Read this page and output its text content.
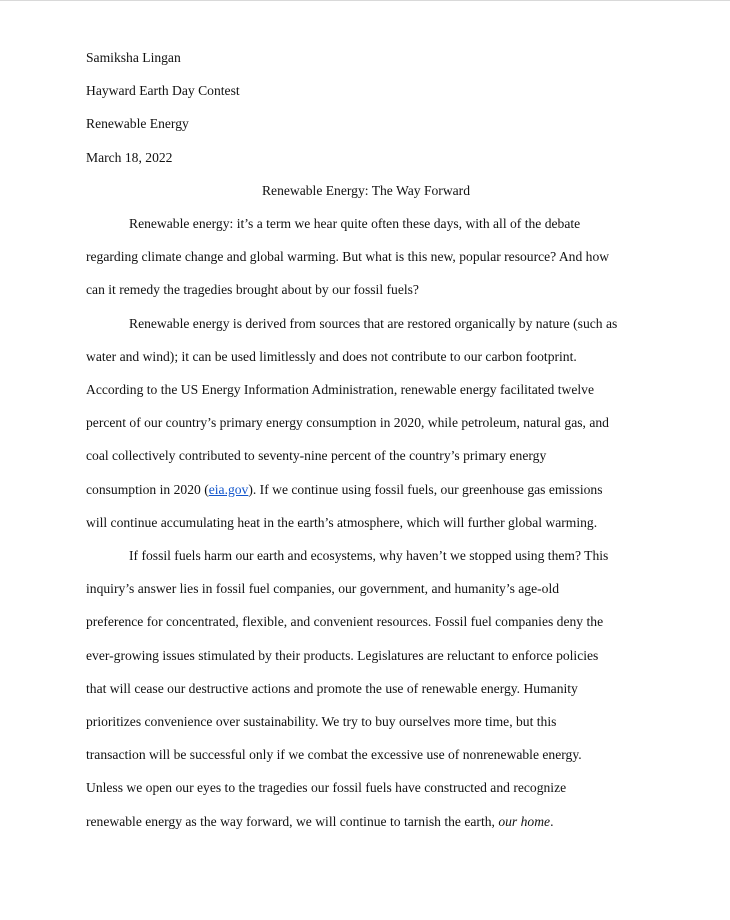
Samiksha Lingan
Hayward Earth Day Contest
Renewable Energy
March 18, 2022
Renewable Energy: The Way Forward
Renewable energy: it’s a term we hear quite often these days, with all of the debate
regarding climate change and global warming. But what is this new, popular resource? And how
can it remedy the tragedies brought about by our fossil fuels?
Renewable energy is derived from sources that are restored organically by nature (such as
water and wind); it can be used limitlessly and does not contribute to our carbon footprint.
According to the US Energy Information Administration, renewable energy facilitated twelve
percent of our country’s primary energy consumption in 2020, while petroleum, natural gas, and
coal collectively contributed to seventy-nine percent of the country’s primary energy
consumption in 2020 (eia.gov). If we continue using fossil fuels, our greenhouse gas emissions
will continue accumulating heat in the earth’s atmosphere, which will further global warming.
If fossil fuels harm our earth and ecosystems, why haven’t we stopped using them? This
inquiry’s answer lies in fossil fuel companies, our government, and humanity’s age-old
preference for concentrated, flexible, and convenient resources. Fossil fuel companies deny the
ever-growing issues stimulated by their products. Legislatures are reluctant to enforce policies
that will cease our destructive actions and promote the use of renewable energy. Humanity
prioritizes convenience over sustainability. We try to buy ourselves more time, but this
transaction will be successful only if we combat the excessive use of nonrenewable energy.
Unless we open our eyes to the tragedies our fossil fuels have constructed and recognize
renewable energy as the way forward, we will continue to tarnish the earth, our home.
